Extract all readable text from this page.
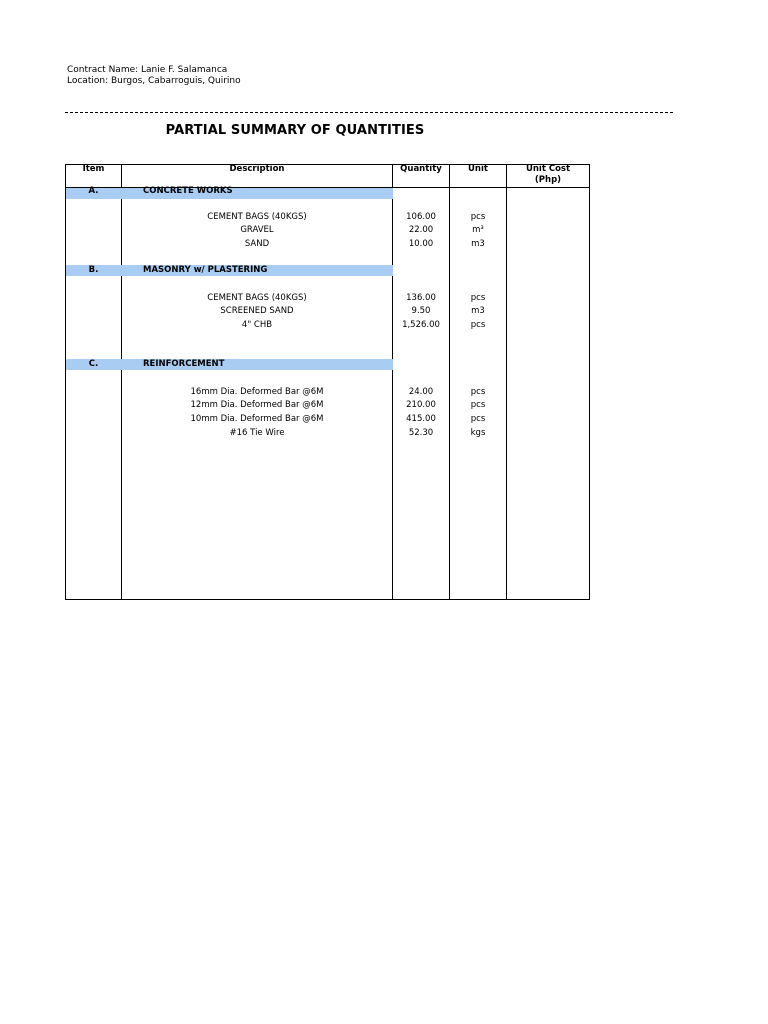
Contract Name: Lanie F. Salamanca
Location: Burgos, Cabarroguis, Quirino
PARTIAL SUMMARY OF QUANTITIES
Item	Description	Quantity	Unit	Unit Cost
(Php)
A.	CONCRETE WORKS
CEMENT BAGS (40KGS)	106.00	pcs
GRAVEL	22.00	m³
SAND	10.00	m3
B.	MASONRY w/ PLASTERING
CEMENT BAGS (40KGS)	136.00	pcs
SCREENED SAND	9.50	m3
4" CHB	1,526.00	pcs
C.	REINFORCEMENT
16mm Dia. Deformed Bar @6M	24.00	pcs
12mm Dia. Deformed Bar @6M	210.00	pcs
10mm Dia. Deformed Bar @6M	415.00	pcs
#16 Tie Wire	52.30	kgs
